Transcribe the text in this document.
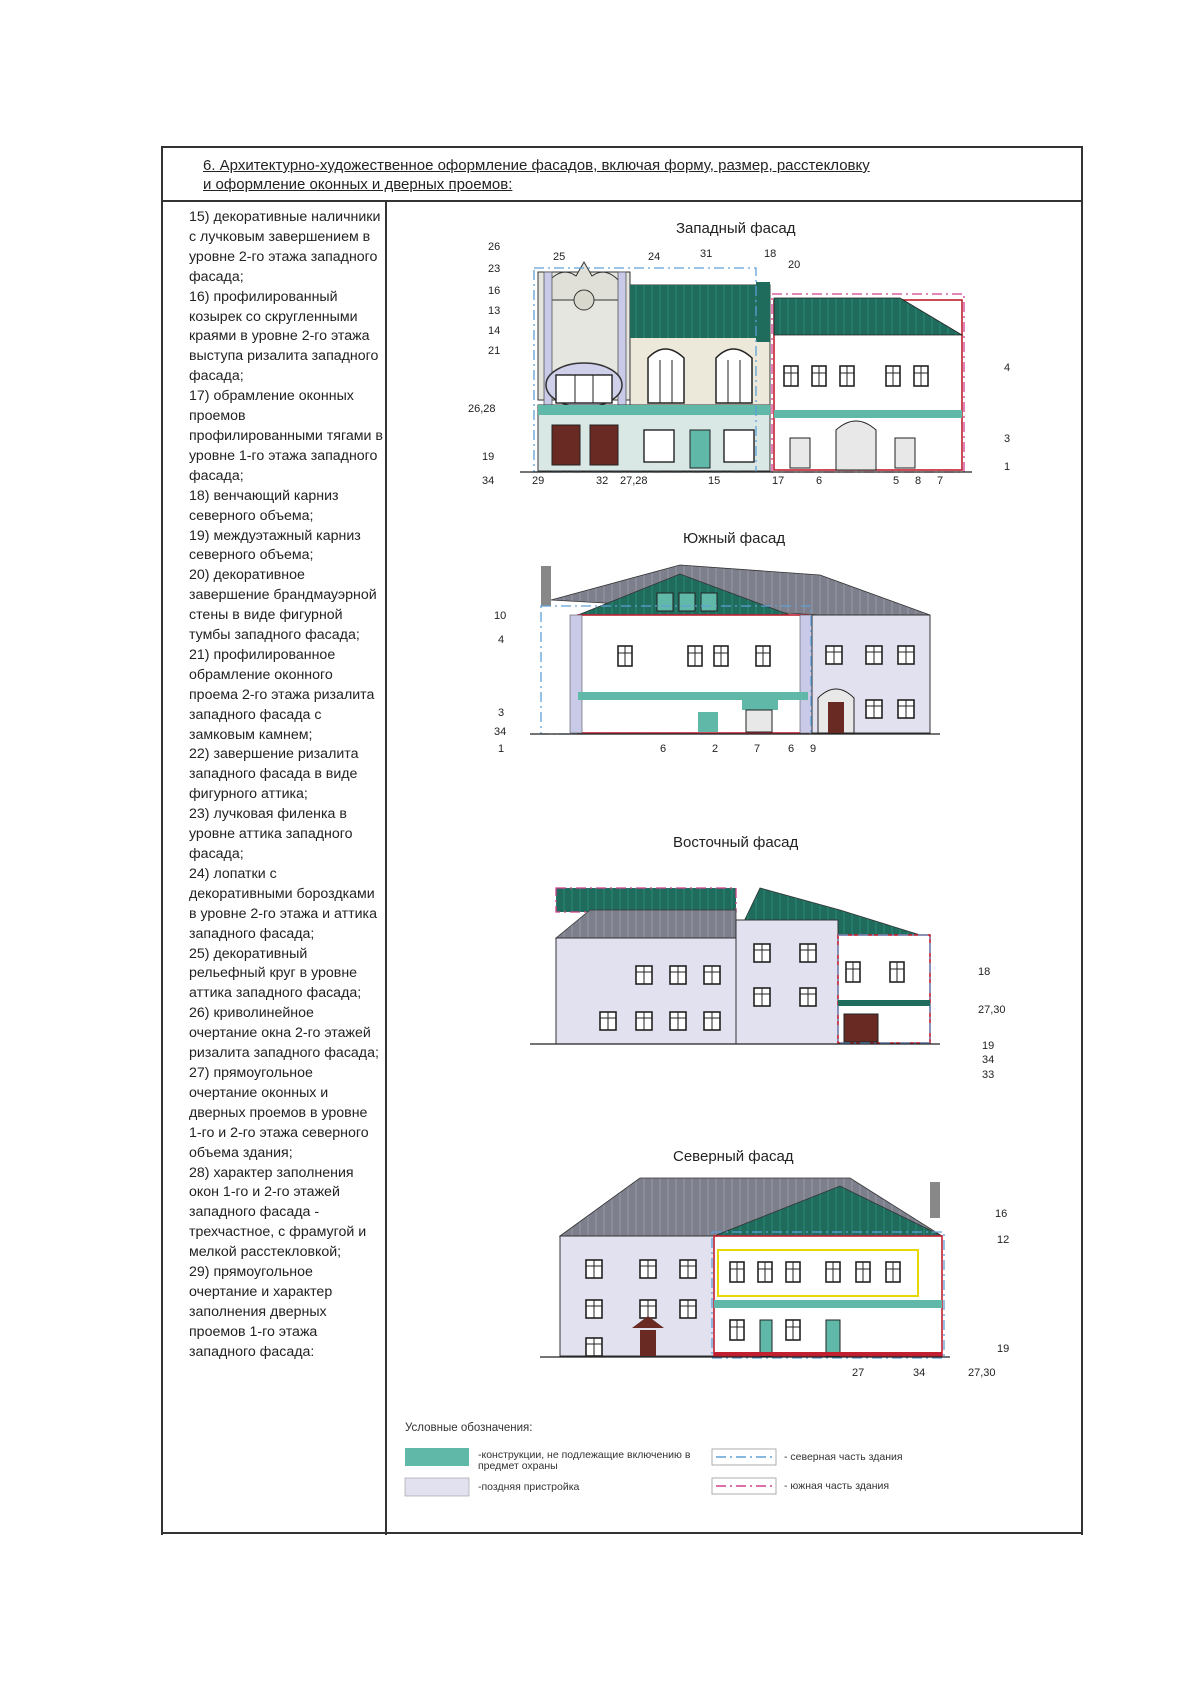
6. Архитектурно-художественное оформление фасадов, включая форму, размер, расстекловку
и оформление оконных и дверных проемов:

15) декоративные наличники с лучковым завершением в уровне 2-го этажа западного фасада;

16) профилированный козырек со скругленными краями в уровне 2-го этажа выступа ризалита западного фасада;

17) обрамление оконных проемов профилированными тягами в уровне 1-го этажа западного фасада;

18) венчающий карниз северного объема;

19) междуэтажный карниз северного объема;

20) декоративное завершение брандмауэрной стены в виде фигурной тумбы западного фасада;

21) профилированное обрамление оконного проема 2-го этажа ризалита западного фасада с замковым камнем;

22) завершение ризалита западного фасада в виде фигурного аттика;

23) лучковая филенка в уровне аттика западного фасада;

24) лопатки с декоративными бороздками в уровне 2-го этажа и аттика западного фасада;

25) декоративный рельефный круг в уровне аттика западного фасада;

26) криволинейное очертание окна 2-го этажей ризалита западного фасада;

27) прямоугольное очертание оконных и дверных проемов в уровне 1-го и 2-го этажа северного объема здания;

28) характер заполнения окон 1-го и 2-го этажей западного фасада - трехчастное, с фрамугой и мелкой расстекловкой;

29) прямоугольное очертание и характер заполнения дверных проемов 1-го этажа западного фасада:

Западный фасад
26
23
16
13
14
21
26,28
19
34
25	24	31	18
20
4
3
1
29	32 27,28	15	17	6	5 8 7
Южный фасад
10
4
3
34
1	6	2	7	6 9
Восточный фасад
18
27,30
19
34
33
Северный фасад
16
12
19
27	34	27,30
Условные обозначения:
-конструкции, не подлежащие включению в предмет охраны
-поздняя пристройка
- северная часть здания
- южная часть здания
